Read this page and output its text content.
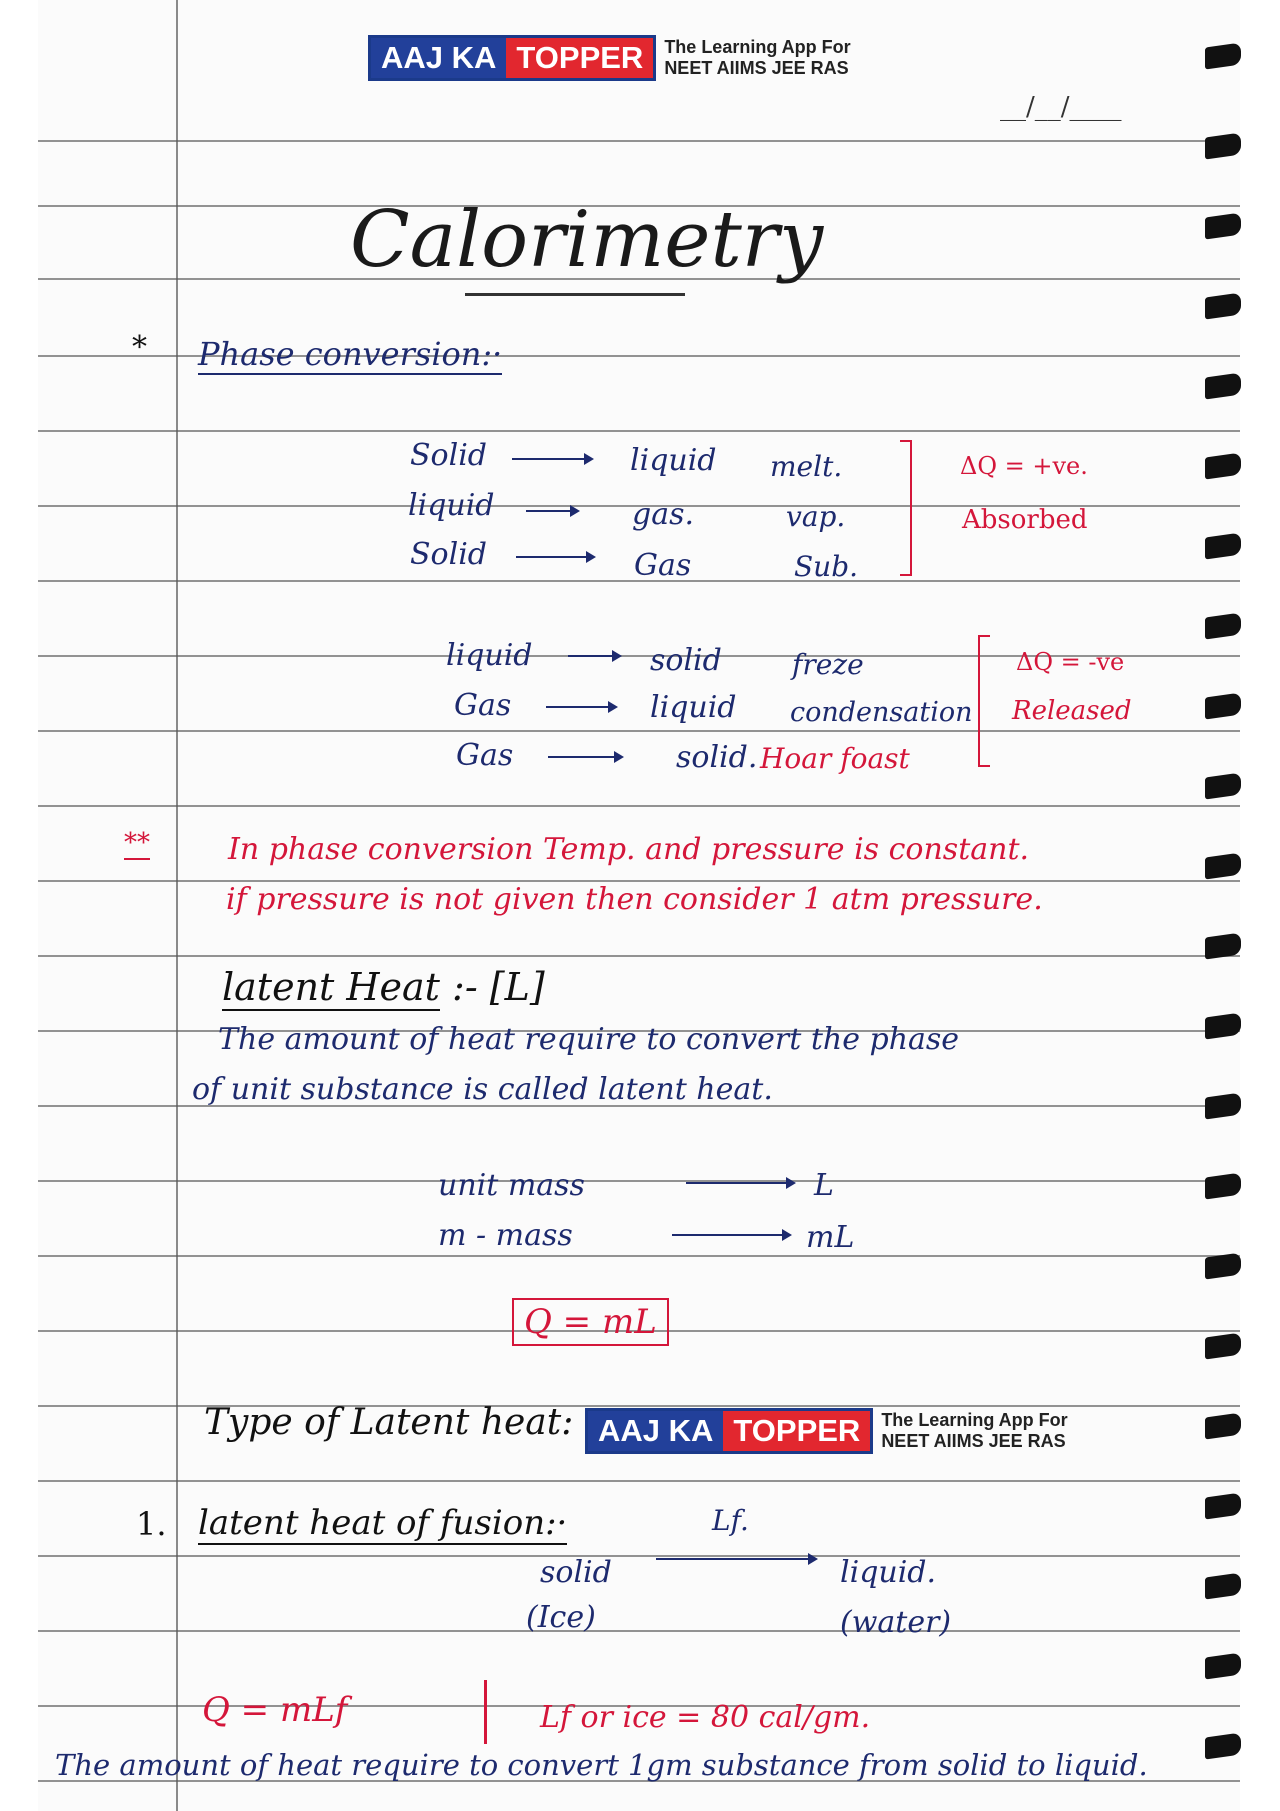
AAJ KA TOPPER	The Learning App For
NEET AIIMS JEE RAS
__/__/____
Calorimetry
* Phase conversion:·
Solid	liquid melt.
liquid	gas.	vap.
Solid	Gas	Sub.
ΔQ = +ve.
Absorbed
liquid	solid	freze
Gas	liquid condensation
Gas	solid. Hoar foast
ΔQ = -ve
Released
**	In phase conversion Temp. and pressure is constant.
if pressure is not given then consider 1 atm pressure.
latent Heat :- [L]
The amount of heat require to convert the phase
of unit substance is called latent heat.
unit mass	L
m - mass	mL
Q = mL
Type of Latent heat: AAJ KA TOPPER	The Learning App For
NEET AIIMS JEE RAS
1. latent heat of fusion:·	Lf.
solid	liquid.
(Ice)	(water)
Q = mLf	Lf or ice = 80 cal/gm.
The amount of heat require to convert 1gm substance from solid to liquid.
